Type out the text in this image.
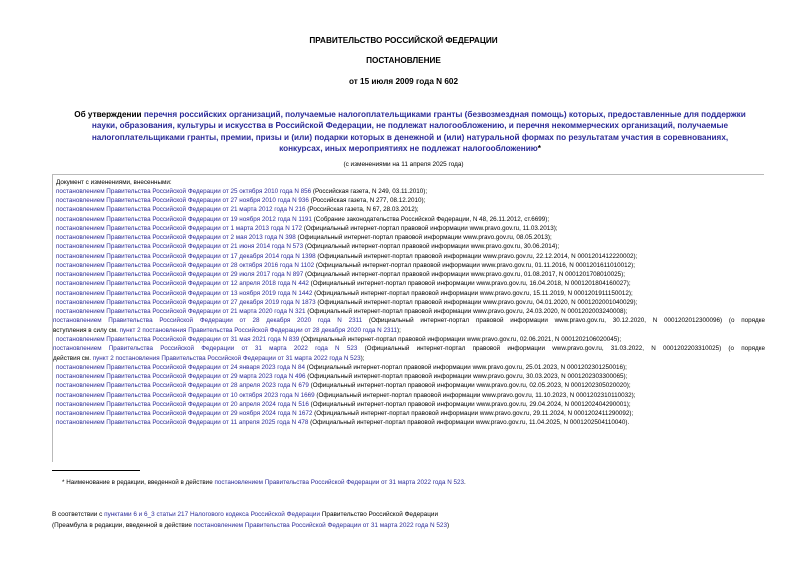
ПРАВИТЕЛЬСТВО РОССИЙСКОЙ ФЕДЕРАЦИИ
ПОСТАНОВЛЕНИЕ
от 15 июля 2009 года N 602
Об утверждении перечня российских организаций, получаемые налогоплательщиками гранты (безвозмездная помощь) которых, предоставленные для поддержки
науки, образования, культуры и искусства в Российской Федерации, не подлежат налогообложению, и перечня некоммерческих организаций, получаемые
налогоплательщиками гранты, премии, призы и (или) подарки которых в денежной и (или) натуральной формах по результатам участия в соревнованиях,
конкурсах, иных мероприятиях не подлежат налогообложению*
(с изменениями на 11 апреля 2025 года)
Документ с изменениями, внесенными:
постановлением Правительства Российской Федерации от 25 октября 2010 года N 856 (Российская газета, N 249, 03.11.2010);
постановлением Правительства Российской Федерации от 27 ноября 2010 года N 936 (Российская газета, N 277, 08.12.2010);
постановлением Правительства Российской Федерации от 21 марта 2012 года N 216 (Российская газета, N 67, 28.03.2012);
постановлением Правительства Российской Федерации от 19 ноября 2012 года N 1191 (Собрание законодательства Российской Федерации, N 48, 26.11.2012, ст.6699);
постановлением Правительства Российской Федерации от 1 марта 2013 года N 172 (Официальный интернет-портал правовой информации www.pravo.gov.ru, 11.03.2013);
постановлением Правительства Российской Федерации от 2 мая 2013 года N 398 (Официальный интернет-портал правовой информации www.pravo.gov.ru, 08.05.2013);
постановлением Правительства Российской Федерации от 21 июня 2014 года N 573 (Официальный интернет-портал правовой информации www.pravo.gov.ru, 30.06.2014);
постановлением Правительства Российской Федерации от 17 декабря 2014 года N 1398 (Официальный интернет-портал правовой информации www.pravo.gov.ru, 22.12.2014, N 0001201412220002);
постановлением Правительства Российской Федерации от 28 октября 2016 года N 1102 (Официальный интернет-портал правовой информации www.pravo.gov.ru, 01.11.2016, N 0001201611010012);
постановлением Правительства Российской Федерации от 29 июля 2017 года N 897 (Официальный интернет-портал правовой информации www.pravo.gov.ru, 01.08.2017, N 0001201708010025);
постановлением Правительства Российской Федерации от 12 апреля 2018 года N 442 (Официальный интернет-портал правовой информации www.pravo.gov.ru, 16.04.2018, N 0001201804160027);
постановлением Правительства Российской Федерации от 13 ноября 2019 года N 1442 (Официальный интернет-портал правовой информации www.pravo.gov.ru, 15.11.2019, N 0001201911150012);
постановлением Правительства Российской Федерации от 27 декабря 2019 года N 1873 (Официальный интернет-портал правовой информации www.pravo.gov.ru, 04.01.2020, N 0001202001040029);
постановлением Правительства Российской Федерации от 21 марта 2020 года N 321 (Официальный интернет-портал правовой информации www.pravo.gov.ru, 24.03.2020, N 0001202003240008);
постановлением Правительства Российской Федерации от 28 декабря 2020 года N 2311 (Официальный интернет-портал правовой информации www.pravo.gov.ru, 30.12.2020, N 0001202012300096) (о порядке
вступления в силу см. пункт 2 постановления Правительства Российской Федерации от 28 декабря 2020 года N 2311);
постановлением Правительства Российской Федерации от 31 мая 2021 года N 839 (Официальный интернет-портал правовой информации www.pravo.gov.ru, 02.06.2021, N 0001202106020045);
постановлением Правительства Российской Федерации от 31 марта 2022 года N 523 (Официальный интернет-портал правовой информации www.pravo.gov.ru, 31.03.2022, N 0001202203310025) (о порядке
действия см. пункт 2 постановления Правительства Российской Федерации от 31 марта 2022 года N 523);
постановлением Правительства Российской Федерации от 24 января 2023 года N 84 (Официальный интернет-портал правовой информации www.pravo.gov.ru, 25.01.2023, N 0001202301250016);
постановлением Правительства Российской Федерации от 29 марта 2023 года N 496 (Официальный интернет-портал правовой информации www.pravo.gov.ru, 30.03.2023, N 0001202303300065);
постановлением Правительства Российской Федерации от 28 апреля 2023 года N 679 (Официальный интернет-портал правовой информации www.pravo.gov.ru, 02.05.2023, N 0001202305020020);
постановлением Правительства Российской Федерации от 10 октября 2023 года N 1669 (Официальный интернет-портал правовой информации www.pravo.gov.ru, 11.10.2023, N 0001202310110032);
постановлением Правительства Российской Федерации от 20 апреля 2024 года N 516 (Официальный интернет-портал правовой информации www.pravo.gov.ru, 29.04.2024, N 0001202404290001);
постановлением Правительства Российской Федерации от 29 ноября 2024 года N 1672 (Официальный интернет-портал правовой информации www.pravo.gov.ru, 29.11.2024, N 0001202411290092);
постановлением Правительства Российской Федерации от 11 апреля 2025 года N 478 (Официальный интернет-портал правовой информации www.pravo.gov.ru, 11.04.2025, N 0001202504110040).
* Наименование в редакции, введенной в действие постановлением Правительства Российской Федерации от 31 марта 2022 года N 523.
В соответствии с пунктами 6 и 6_3 статьи 217 Налогового кодекса Российской Федерации Правительство Российской Федерации
(Преамбула в редакции, введенной в действие постановлением Правительства Российской Федерации от 31 марта 2022 года N 523)
